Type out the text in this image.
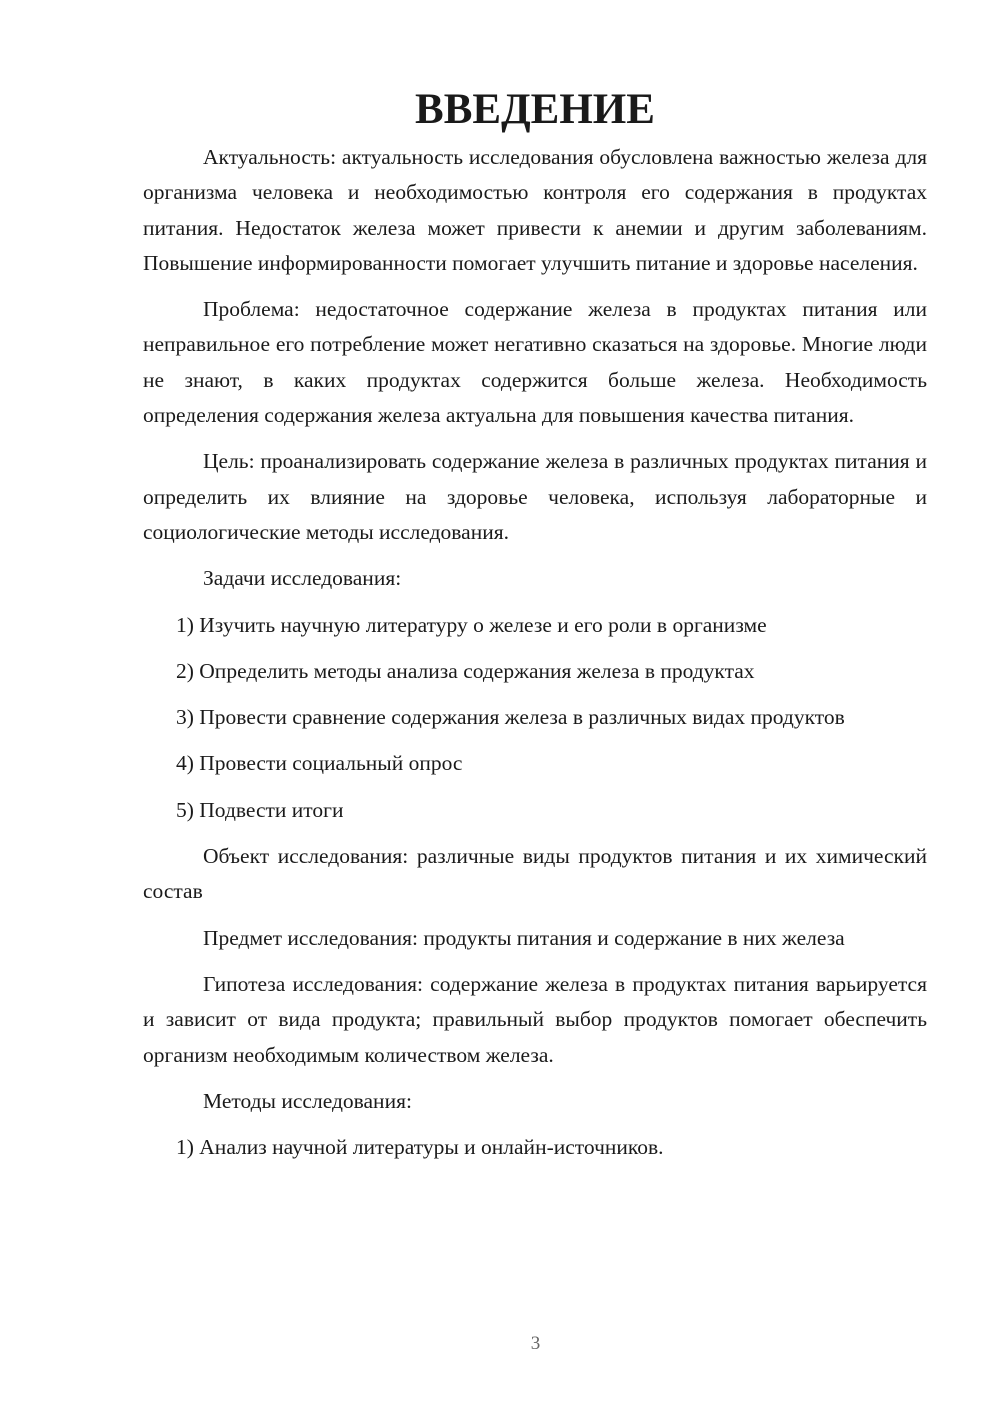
ВВЕДЕНИЕ

Актуальность: актуальность исследования обусловлена важностью железа для организма человека и необходимостью контроля его содержания в продуктах питания. Недостаток железа может привести к анемии и другим заболеваниям. Повышение информированности помогает улучшить питание и здоровье населения.

Проблема: недостаточное содержание железа в продуктах питания или неправильное его потребление может негативно сказаться на здоровье. Многие люди не знают, в каких продуктах содержится больше железа. Необходимость определения содержания железа актуальна для повышения качества питания.

Цель: проанализировать содержание железа в различных продуктах питания и определить их влияние на здоровье человека, используя лабораторные и социологические методы исследования.

Задачи исследования:

1) Изучить научную литературу о железе и его роли в организме

2) Определить методы анализа содержания железа в продуктах

3) Провести сравнение содержания железа в различных видах продуктов

4) Провести социальный опрос

5) Подвести итоги

Объект исследования: различные виды продуктов питания и их химический состав

Предмет исследования: продукты питания и содержание в них железа

Гипотеза исследования: содержание железа в продуктах питания варьируется и зависит от вида продукта; правильный выбор продуктов помогает обеспечить организм необходимым количеством железа.

Методы исследования:

1) Анализ научной литературы и онлайн-источников.

3
